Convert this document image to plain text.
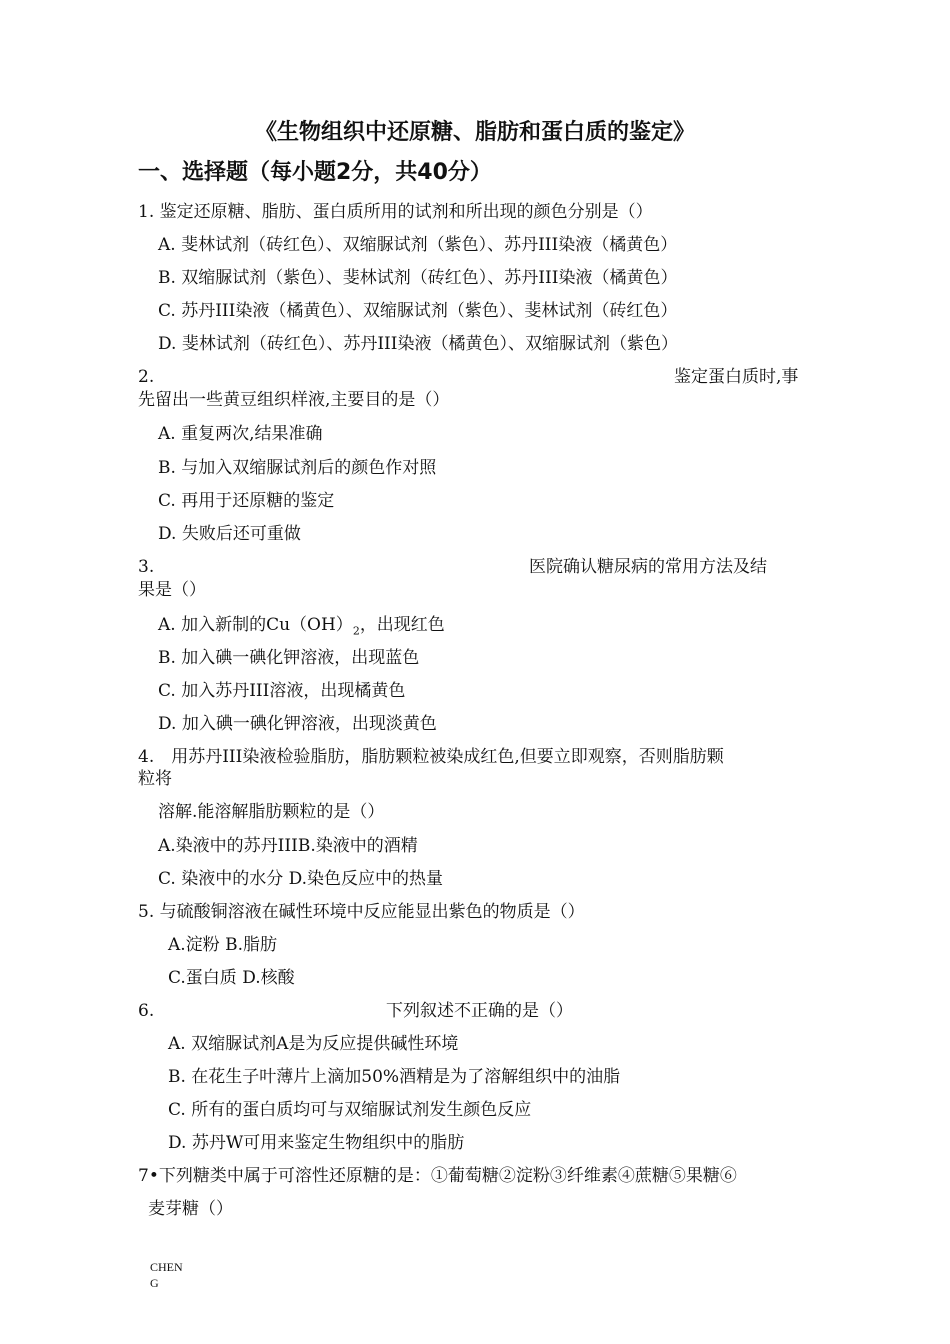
《生物组织中还原糖、脂肪和蛋白质的鉴定》
一、选择题（每小题2分，共40分）
1. 鉴定还原糖、脂肪、蛋白质所用的试剂和所出现的颜色分别是（）
A. 斐林试剂（砖红色）、双缩脲试剂（紫色）、苏丹III染液（橘黄色）
B. 双缩脲试剂（紫色）、斐林试剂（砖红色）、苏丹III染液（橘黄色）
C. 苏丹III染液（橘黄色）、双缩脲试剂（紫色）、斐林试剂（砖红色）
D. 斐林试剂（砖红色）、苏丹III染液（橘黄色）、双缩脲试剂（紫色）
2.	鉴定蛋白质时,事
先留出一些黄豆组织样液,主要目的是（）
A. 重复两次,结果准确
B. 与加入双缩脲试剂后的颜色作对照
C. 再用于还原糖的鉴定
D. 失败后还可重做
3.	医院确认糖尿病的常用方法及结
果是（）
A. 加入新制的$Cu(OH)_2$，出现红色
B. 加入碘一碘化钾溶液，出现蓝色
C. 加入苏丹III溶液，出现橘黄色
D. 加入碘一碘化钾溶液，出现淡黄色
4.　用苏丹III染液检验脂肪，脂肪颗粒被染成红色,但要立即观察，否则脂肪颗
粒将
溶解.能溶解脂肪颗粒的是（）
A.染液中的苏丹IIIB.染液中的酒精
C. 染液中的水分 D.染色反应中的热量
5. 与硫酸铜溶液在碱性环境中反应能显出紫色的物质是（）
A.淀粉 B.脂肪
C.蛋白质 D.核酸
6.	下列叙述不正确的是（）
A. 双缩脲试剂A是为反应提供碱性环境
B. 在花生子叶薄片上滴加50%酒精是为了溶解组织中的油脂
C. 所有的蛋白质均可与双缩脲试剂发生颜色反应
D. 苏丹W可用来鉴定生物组织中的脂肪
7•下列糖类中属于可溶性还原糖的是：①葡萄糖②淀粉③纤维素④蔗糖⑤果糖⑥
麦芽糖（）
CHEN
G
